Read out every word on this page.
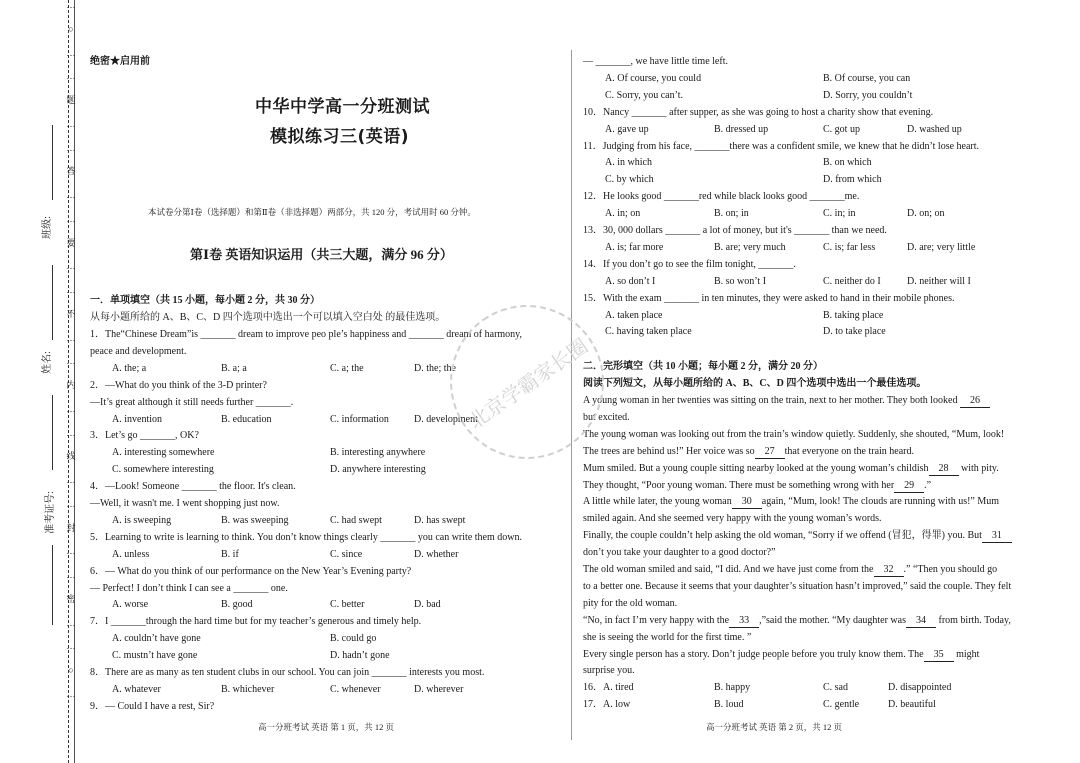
…
○
…
…
题
…
…
答
…
…
要
…
…
不
…
…
内
…
…
线
…
…
封
…
…
密
…
…
○
…
班级:
姓名:
准考证号:
绝密★启用前
中华中学高一分班测试
模拟练习三(英语)
本试卷分第Ⅰ卷（选择题）和第Ⅱ卷（非选择题）两部分，共 120 分，考试用时 60 分钟。
第Ⅰ卷 英语知识运用（共三大题，满分 96 分）
一．单项填空（共 15 小题，每小题 2 分，共 30 分）
从每小题所给的 A、B、C、D 四个选项中选出一个可以填入空白处 的最佳选项。
1．The“Chinese Dream”is _______ dream to improve peo ple’s happiness and _______ dream of harmony,
peace and development.
A. the; a	B. a; a	C. a; the	D. the; the
2．—What do you think of the 3-D printer?
—It’s great although it still needs further _______.
A. invention	B. education	C. information	D. development
3．Let’s go _______, OK?
A. interesting somewhere	B. interesting anywhere
C. somewhere interesting	D. anywhere interesting
4．—Look! Someone _______ the floor. It's clean.
—Well, it wasn't me. I went shopping just now.
A. is sweeping	B. was sweeping	C. had swept	D. has swept
5．Learning to write is learning to think. You don’t know things clearly _______ you can write them down.
A. unless	B. if	C. since	D. whether
6．— What do you think of our performance on the New Year’s Evening party?
— Perfect! I don’t think I can see a _______ one.
A. worse	B. good	C. better	D. bad
7．I _______through the hard time but for my teacher’s generous and timely help.
A. couldn’t have gone	B. could go
C. mustn’t have gone	D. hadn’t gone
8．There are as many as ten student clubs in our school. You can join _______ interests you most.
A. whatever	B. whichever	C. whenever	D. wherever
9．— Could I have a rest, Sir?
— _______, we have little time left.
A. Of course, you could	B. Of course, you can
C. Sorry, you can’t.	D. Sorry, you couldn’t
10．Nancy _______ after supper, as she was going to host a charity show that evening.
A. gave up	B. dressed up	C. got up	D. washed up
11．Judging from his face, _______there was a confident smile, we knew that he didn’t lose heart.
A. in which	B. on which
C. by which	D. from which
12．He looks good _______red while black looks good _______me.
A. in; on	B. on; in	C. in; in	D. on; on
13．30, 000 dollars _______ a lot of money, but it's _______ than we need.
A. is; far more	B. are; very much	C. is; far less	D. are; very little
14．If you don’t go to see the film tonight, _______.
A. so don’t I	B. so won’t I	C. neither do I	D. neither will I
15．With the exam _______ in ten minutes, they were asked to hand in their mobile phones.
A. taken place	B. taking place
C. having taken place	D. to take place
二．完形填空（共 10 小题；每小题 2 分，满分 20 分）
阅读下列短文，从每小题所给的 A、B、C、D 四个选项中选出一个最佳选项。
A young woman in her twenties was sitting on the train, next to her mother. They both looked 26
but excited.
The young woman was looking out from the train’s window quietly. Suddenly, she shouted, “Mum, look!
The trees are behind us!” Her voice was so 27 that everyone on the train heard.
Mum smiled. But a young couple sitting nearby looked at the young woman’s childish 28 with pity.
They thought, “Poor young woman. There must be something wrong with her 29 .”
A little while later, the young woman 30 again, “Mum, look! The clouds are running with us!” Mum
smiled again. And she seemed very happy with the young woman’s words.
Finally, the couple couldn’t help asking the old woman, “Sorry if we offend (冒犯，得罪) you. But 31
don’t you take your daughter to a good doctor?”
The old woman smiled and said, “I did. And we have just come from the 32 .” “Then you should go
to a better one. Because it seems that your daughter’s situation hasn’t improved,” said the couple. They felt
pity for the old woman.
“No, in fact I’m very happy with the 33 ,”said the mother. “My daughter was 34 from birth. Today,
she is seeing the world for the first time. ”
Every single person has a story. Don’t judge people before you truly know them. The 35 might
surprise you.
16．A. tired	B. happy	C. sad	D. disappointed
17．A. low	B. loud	C. gentle	D. beautiful
北京学霸家长圈
高一分班考试 英语 第 1 页，共 12 页	高一分班考试 英语 第 2 页，共 12 页
